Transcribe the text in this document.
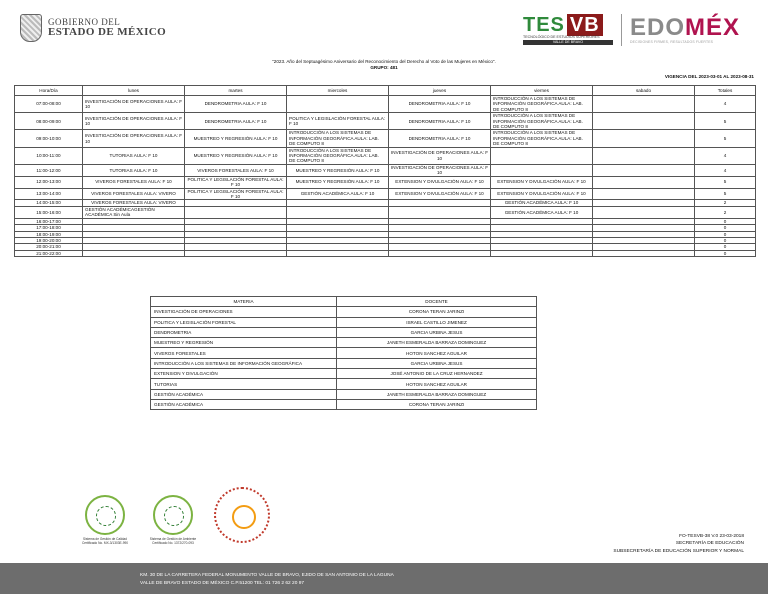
GOBIERNO DEL
ESTADO DE MÉXICO	TES VB
TECNOLÓGICO DE ESTUDIOS SUPERIORES
VALLE DE BRAVO
EDOMÉX
DECISIONES FIRMES, RESULTADOS FUERTES
"2023. Año del Septuagésimo Aniversario del Reconocimiento del Derecho al Voto de las Mujeres en México".
GRUPO: 481
VIGENCIA DEL 2023-03-01 AL 2023-08-31
Hora/Día	lunes	martes	miercoles	jueves	viernes	sabado	Totales
07:00-08:00	INVESTIGACIÓN DE OPERACIONES AULA: F 10	DENDROMETRIA AULA: F 10		DENDROMETRIA AULA: F 10	INTRODUCCIÓN A LOS SISTEMAS DE INFORMACIÓN GEOGRÁFICA AULA: LAB. DE COMPUTO 8		4
08:00-09:00	INVESTIGACIÓN DE OPERACIONES AULA: F 10	DENDROMETRIA AULA: F 10	POLITICA Y LEGISLACIÓN FORESTAL AULA: F 10	DENDROMETRIA AULA: F 10	INTRODUCCIÓN A LOS SISTEMAS DE INFORMACIÓN GEOGRÁFICA AULA: LAB. DE COMPUTO 8		5
09:00-10:00	INVESTIGACIÓN DE OPERACIONES AULA: F 10	MUESTREO Y REGRESIÓN AULA: F 10	INTRODUCCIÓN A LOS SISTEMAS DE INFORMACIÓN GEOGRÁFICA AULA: LAB. DE COMPUTO 8	DENDROMETRIA AULA: F 10	INTRODUCCIÓN A LOS SISTEMAS DE INFORMACIÓN GEOGRÁFICA AULA: LAB. DE COMPUTO 8		5
10:00-11:00	TUTORIAS AULA: F 10	MUESTREO Y REGRESIÓN AULA: F 10	INTRODUCCIÓN A LOS SISTEMAS DE INFORMACIÓN GEOGRÁFICA AULA: LAB. DE COMPUTO 8	INVESTIGACIÓN DE OPERACIONES AULA: F 10			4
11:00-12:00	TUTORIAS AULA: F 10	VIVEROS FORESTALES AULA: F 10	MUESTREO Y REGRESIÓN AULA: F 10	INVESTIGACIÓN DE OPERACIONES AULA: F 10			4
12:00-13:00	VIVEROS FORESTALES AULA: F 10	POLITICA Y LEGISLACIÓN FORESTAL AULA: F 10	MUESTREO Y REGRESIÓN AULA: F 10	EXTENSION Y DIVULGACIÓN AULA: F 10	EXTENSION Y DIVULGACIÓN AULA: F 10		5
13:00-14:00	VIVEROS FORESTALES AULA: VIVERO	POLITICA Y LEGISLACIÓN FORESTAL AULA: F 10	GESTIÓN ACADÉMICA AULA: F 10	EXTENSION Y DIVULGACIÓN AULA: F 10	EXTENSION Y DIVULGACIÓN AULA: F 10		5
14:00-15:00	VIVEROS FORESTALES AULA: VIVERO				GESTIÓN ACADÉMICA AULA: F 10		2
15:00-16:00	GESTIÓN ACADÉMICAGESTIÓN ACADÉMICA Sin Aula				GESTIÓN ACADÉMICA AULA: F 10		2
16:00-17:00							0
17:00-18:00							0
18:00-19:00							0
19:00-20:00							0
20:00-21:00							0
21:00-22:00							0
MATERIA	DOCENTE
INVESTIGACIÓN DE OPERACIONES	CORONA TERAN JARINZI
POLITICA Y LEGISLACIÓN FORESTAL	ISRAEL CASTILLO JIMENEZ
DENDROMETRIA	GARCIA URBINA JESUS
MUESTREO Y REGRESIÓN	JANETH ESMERALDA BARRAZA DOMINGUEZ
VIVEROS FORESTALES	HOTON SANCHEZ AGUILAR
INTRODUCCIÓN A LOS SISTEMAS DE INFORMACIÓN GEOGRÁFICA	GARCIA URBINA JESUS
EXTENSION Y DIVULGACIÓN	JOSÉ ANTONIO DE LA CRUZ HERNANDEZ
TUTORIAS	HOTON SANCHEZ AGUILAR
GESTIÓN ACADÉMICA	JANETH ESMERALDA BARRAZA DOMINGUEZ
GESTIÓN ACADÉMICA	CORONA TERAN JARINZI
Sistema de Gestión de Calidad Certificado No. MX-3/1303E-990
Sistema de Gestión de Ambiente Certificado No. 1372/270-093
FO-TESVB-38 V.0 23-03-2018
SECRETARÍA DE EDUCACIÓN
SUBSECRETARÍA DE EDUCACIÓN SUPERIOR Y NORMAL
KM. 30 DE LA CARRETERA FEDERAL MONUMENTO VALLE DE BRAVO, EJIDO DE SAN ANTONIO DE LA LAGUNA
VALLE DE BRAVO ESTADO DE MÉXICO C.P.51200 TEL: 01 726 2 62 20 97
